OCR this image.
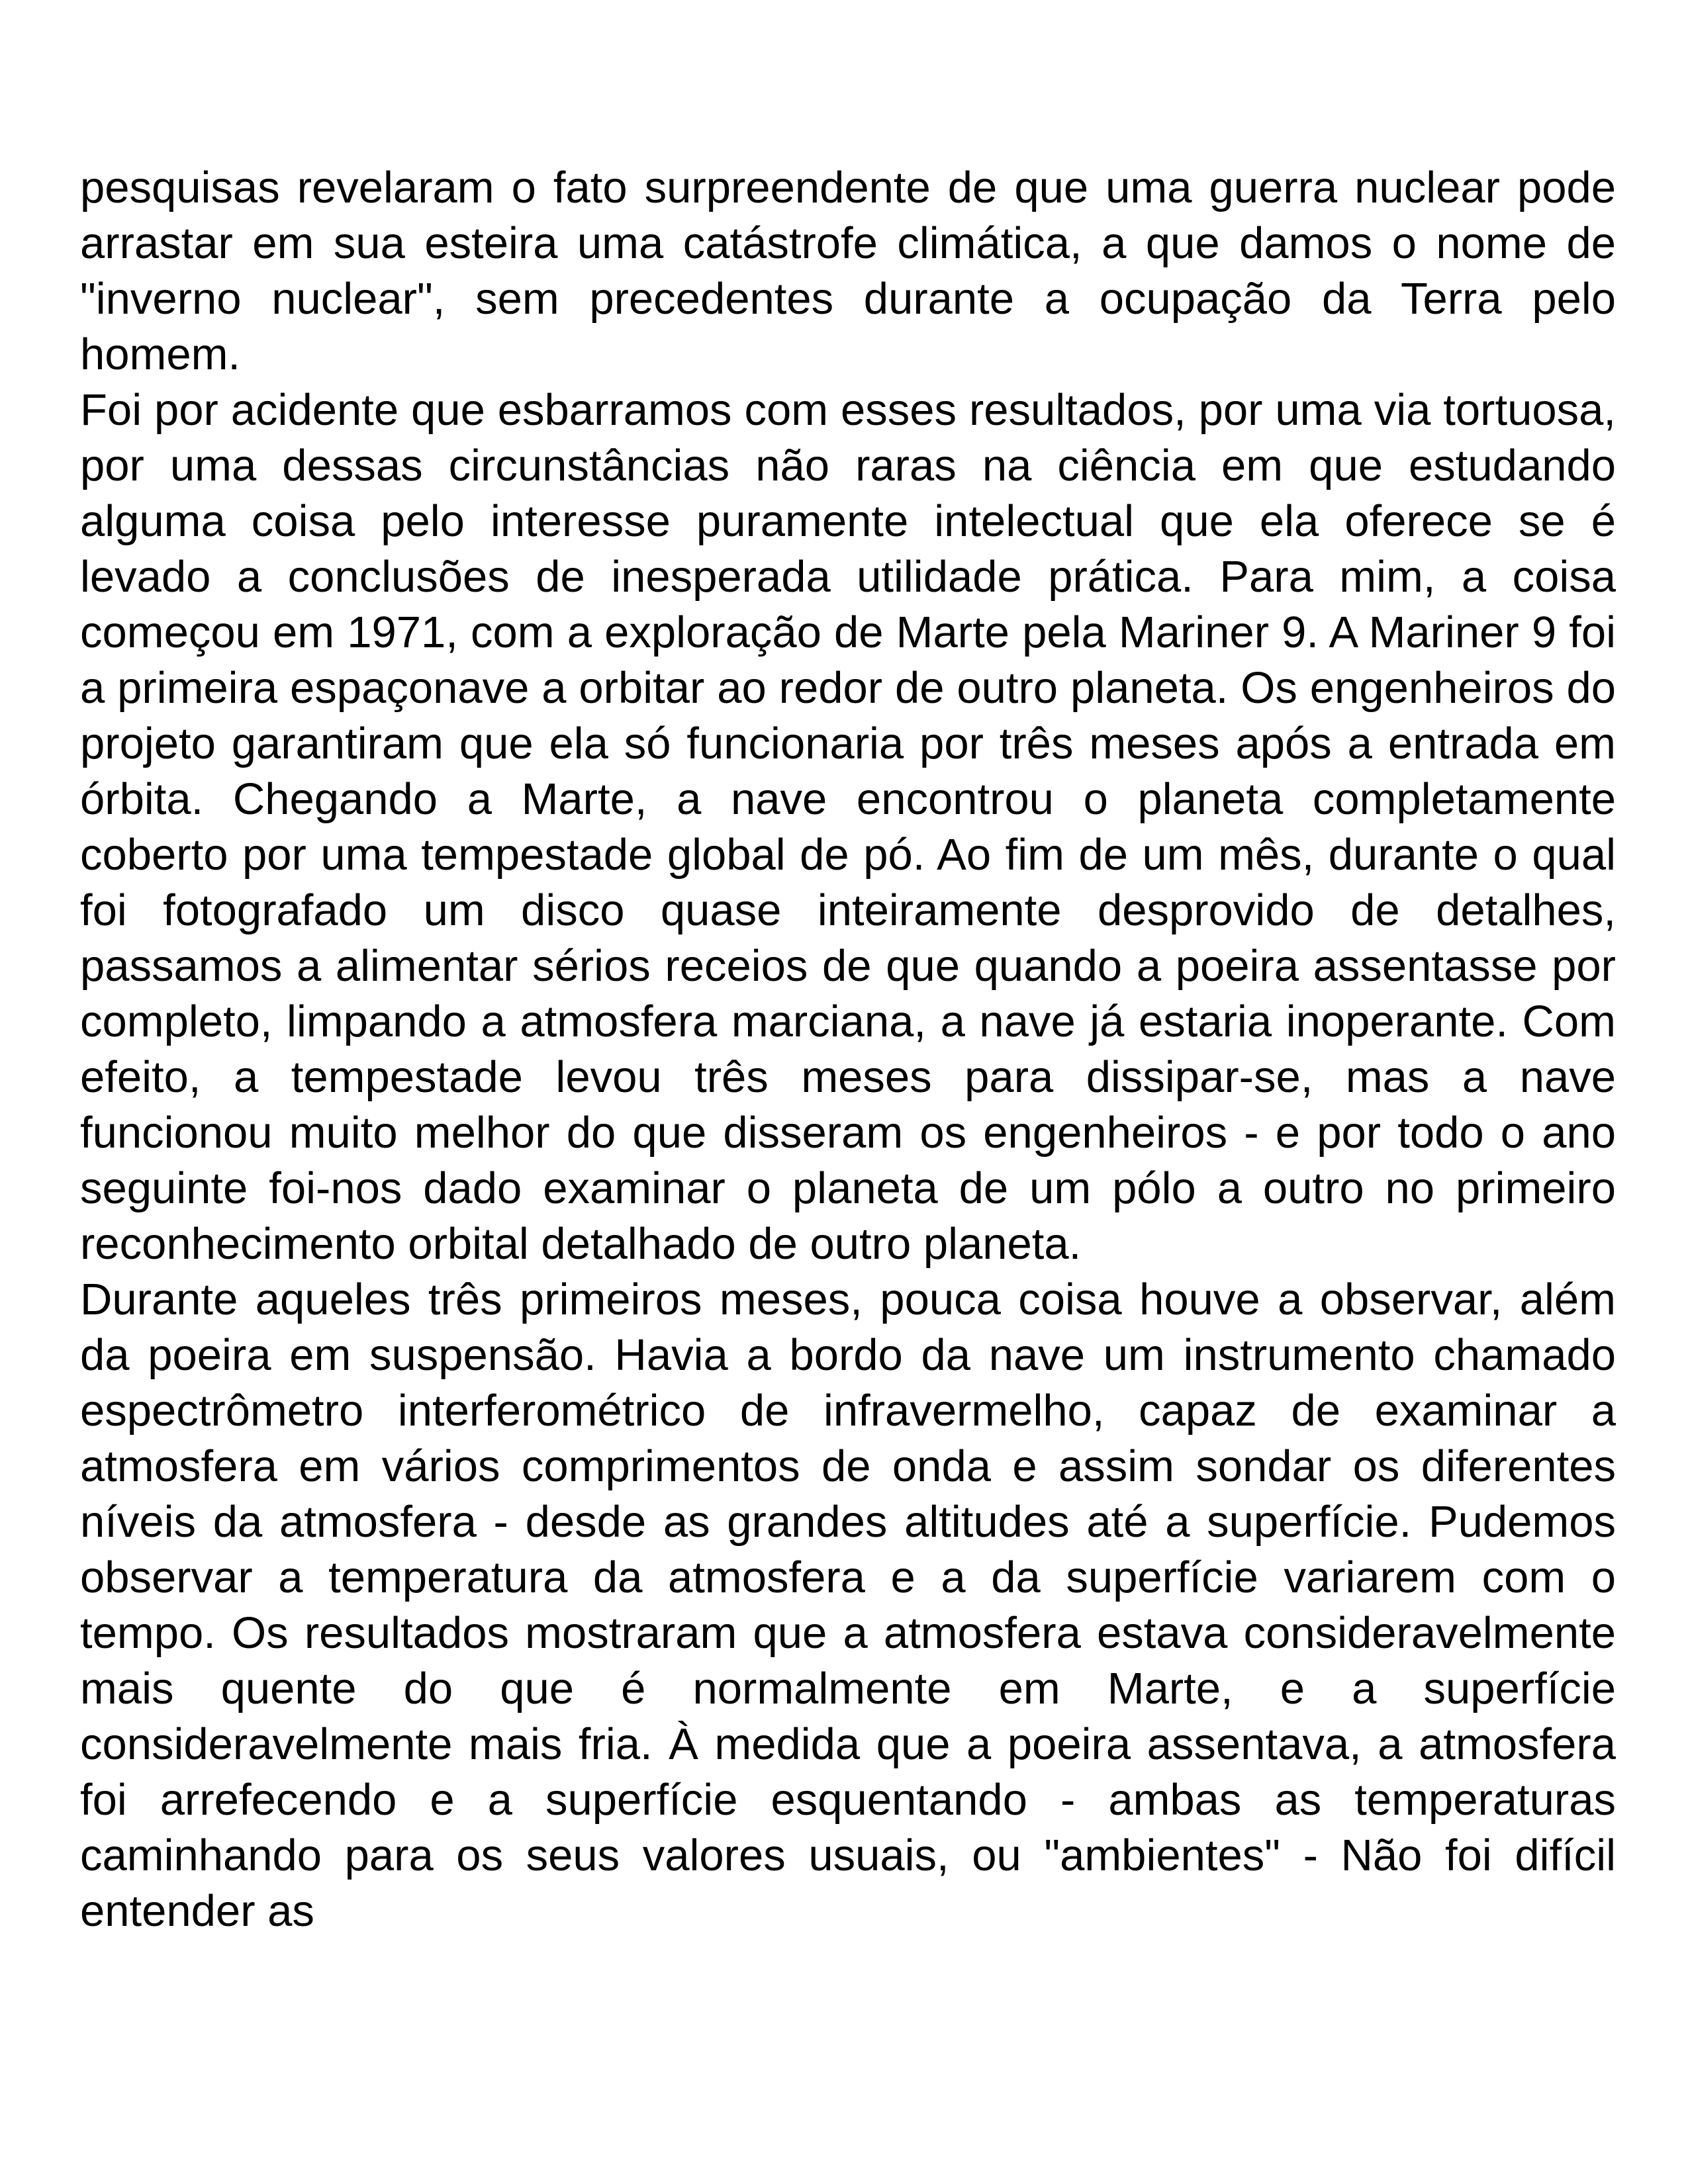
pesquisas revelaram o fato surpreendente de que uma guerra nuclear pode arrastar em sua esteira uma catástrofe climática, a que damos o nome de "inverno nuclear", sem precedentes durante a ocupação da Terra pelo homem.

Foi por acidente que esbarramos com esses resultados, por uma via tortuosa, por uma dessas circunstâncias não raras na ciência em que estudando alguma coisa pelo interesse puramente intelectual que ela oferece se é levado a conclusões de inesperada utilidade prática. Para mim, a coisa começou em 1971, com a exploração de Marte pela Mariner 9. A Mariner 9 foi a primeira espaçonave a orbitar ao redor de outro planeta. Os engenheiros do projeto garantiram que ela só funcionaria por três meses após a entrada em órbita. Chegando a Marte, a nave encontrou o planeta completamente coberto por uma tempestade global de pó. Ao fim de um mês, durante o qual foi fotografado um disco quase inteiramente desprovido de detalhes, passamos a alimentar sérios receios de que quando a poeira assentasse por completo, limpando a atmosfera marciana, a nave já estaria inoperante. Com efeito, a tempestade levou três meses para dissipar-se, mas a nave funcionou muito melhor do que disseram os engenheiros - e por todo o ano seguinte foi-nos dado examinar o planeta de um pólo a outro no primeiro reconhecimento orbital detalhado de outro planeta.

Durante aqueles três primeiros meses, pouca coisa houve a observar, além da poeira em suspensão. Havia a bordo da nave um instrumento chamado espectrômetro interferométrico de infravermelho, capaz de examinar a atmosfera em vários comprimentos de onda e assim sondar os diferentes níveis da atmosfera - desde as grandes altitudes até a superfície. Pudemos observar a temperatura da atmosfera e a da superfície variarem com o tempo. Os resultados mostraram que a atmosfera estava consideravelmente mais quente do que é normalmente em Marte, e a superfície consideravelmente mais fria. À medida que a poeira assentava, a atmosfera foi arrefecendo e a superfície esquentando - ambas as temperaturas caminhando para os seus valores usuais, ou "ambientes" - Não foi difícil entender as
